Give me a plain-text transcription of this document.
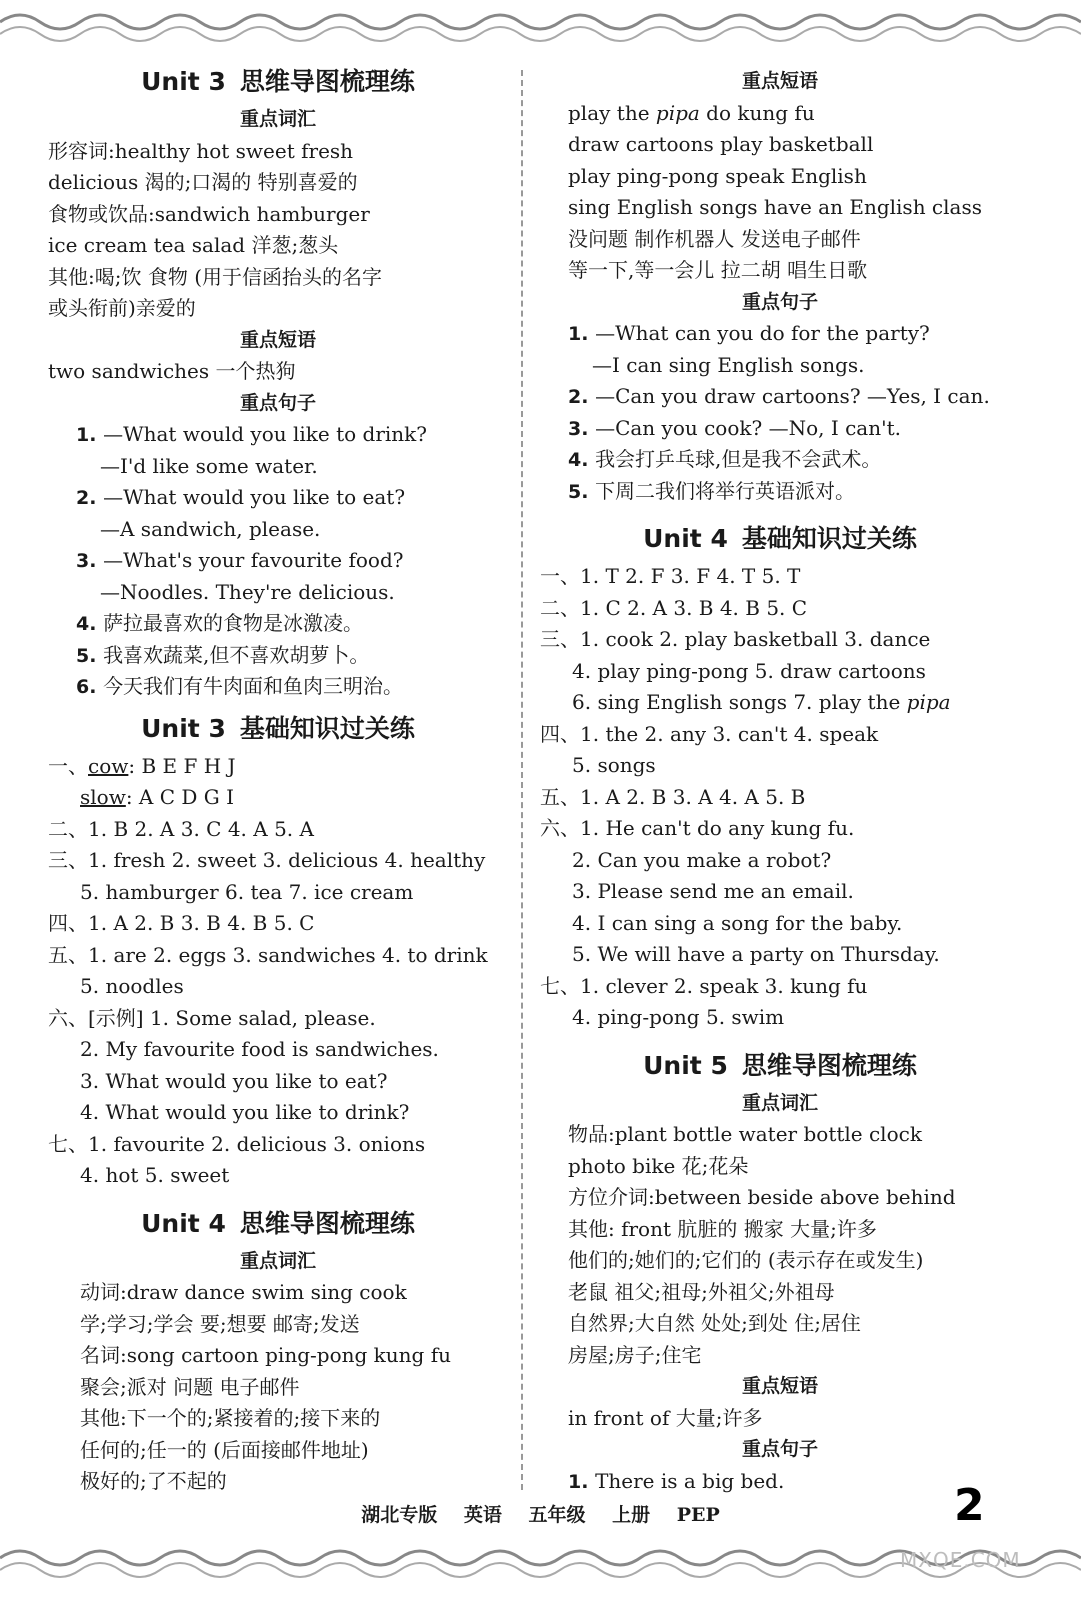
Unit 3 思维导图梳理练
重点词汇
形容词:healthy hot sweet fresh
delicious 渴的;口渴的 特别喜爱的
食物或饮品:sandwich hamburger
ice cream tea salad 洋葱;葱头
其他:喝;饮 食物 (用于信函抬头的名字
或头衔前)亲爱的
重点短语
two sandwiches 一个热狗
重点句子
1. —What would you like to drink?
—I'd like some water.
2. —What would you like to eat?
—A sandwich, please.
3. —What's your favourite food?
—Noodles. They're delicious.
4. 萨拉最喜欢的食物是冰激凌。
5. 我喜欢蔬菜,但不喜欢胡萝卜。
6. 今天我们有牛肉面和鱼肉三明治。
Unit 3 基础知识过关练
一、cow: B E F H J
slow: A C D G I
二、1. B 2. A 3. C 4. A 5. A
三、1. fresh 2. sweet 3. delicious 4. healthy
5. hamburger 6. tea 7. ice cream
四、1. A 2. B 3. B 4. B 5. C
五、1. are 2. eggs 3. sandwiches 4. to drink
5. noodles
六、[示例] 1. Some salad, please.
2. My favourite food is sandwiches.
3. What would you like to eat?
4. What would you like to drink?
七、1. favourite 2. delicious 3. onions
4. hot 5. sweet
Unit 4 思维导图梳理练
重点词汇
动词:draw dance swim sing cook
学;学习;学会 要;想要 邮寄;发送
名词:song cartoon ping-pong kung fu
聚会;派对 问题 电子邮件
其他:下一个的;紧接着的;接下来的
任何的;任一的 (后面接邮件地址)
极好的;了不起的
重点短语
play the pipa do kung fu
draw cartoons play basketball
play ping-pong speak English
sing English songs have an English class
没问题 制作机器人 发送电子邮件
等一下,等一会儿 拉二胡 唱生日歌
重点句子
1. —What can you do for the party?
—I can sing English songs.
2. —Can you draw cartoons? —Yes, I can.
3. —Can you cook? —No, I can't.
4. 我会打乒乓球,但是我不会武术。
5. 下周二我们将举行英语派对。
Unit 4 基础知识过关练
一、1. T 2. F 3. F 4. T 5. T
二、1. C 2. A 3. B 4. B 5. C
三、1. cook 2. play basketball 3. dance
4. play ping-pong 5. draw cartoons
6. sing English songs 7. play the pipa
四、1. the 2. any 3. can't 4. speak
5. songs
五、1. A 2. B 3. A 4. A 5. B
六、1. He can't do any kung fu.
2. Can you make a robot?
3. Please send me an email.
4. I can sing a song for the baby.
5. We will have a party on Thursday.
七、1. clever 2. speak 3. kung fu
4. ping-pong 5. swim
Unit 5 思维导图梳理练
重点词汇
物品:plant bottle water bottle clock
photo bike 花;花朵
方位介词:between beside above behind
其他: front 肮脏的 搬家 大量;许多
他们的;她们的;它们的 (表示存在或发生)
老鼠 祖父;祖母;外祖父;外祖母
自然界;大自然 处处;到处 住;居住
房屋;房子;住宅
重点短语
in front of 大量;许多
重点句子
1. There is a big bed.
湖北专版 英语 五年级 上册 PEP	2
MXQE.COM
